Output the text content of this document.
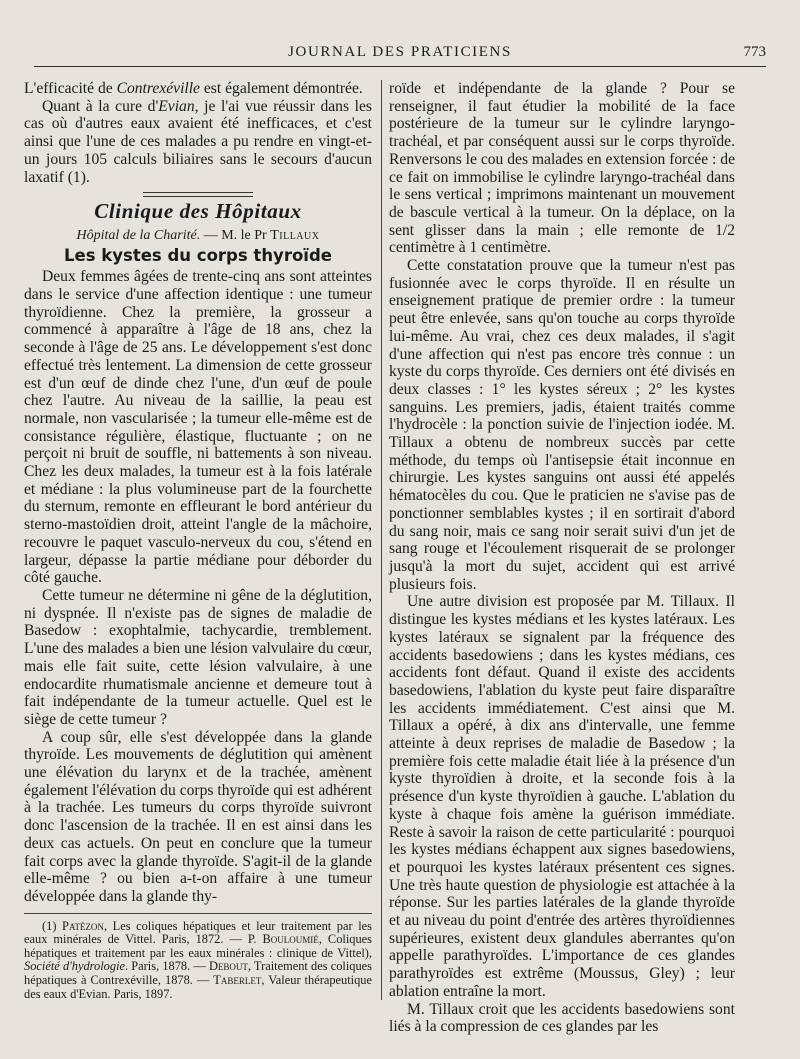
JOURNAL DES PRATICIENS	773

L'efficacité de Contrexéville est également démontrée.

Quant à la cure d'Evian, je l'ai vue réussir dans les cas où d'autres eaux avaient été inefficaces, et c'est ainsi que l'une de ces malades a pu rendre en vingt-et-un jours 105 calculs biliaires sans le secours d'aucun laxatif (1).

Clinique des Hôpitaux
Hôpital de la Charité. — M. le Pr Tillaux
Les kystes du corps thyroïde

Deux femmes âgées de trente-cinq ans sont atteintes dans le service d'une affection identique : une tumeur thyroïdienne. Chez la première, la grosseur a commencé à apparaître à l'âge de 18 ans, chez la seconde à l'âge de 25 ans. Le développement s'est donc effectué très lentement. La dimension de cette grosseur est d'un œuf de dinde chez l'une, d'un œuf de poule chez l'autre. Au niveau de la saillie, la peau est normale, non vascularisée ; la tumeur elle-même est de consistance régulière, élastique, fluctuante ; on ne perçoit ni bruit de souffle, ni battements à son niveau. Chez les deux malades, la tumeur est à la fois latérale et médiane : la plus volumineuse part de la fourchette du sternum, remonte en effleurant le bord antérieur du sterno-mastoïdien droit, atteint l'angle de la mâchoire, recouvre le paquet vasculo-nerveux du cou, s'étend en largeur, dépasse la partie médiane pour déborder du côté gauche.

Cette tumeur ne détermine ni gêne de la déglutition, ni dyspnée. Il n'existe pas de signes de maladie de Basedow : exophtalmie, tachycardie, tremblement. L'une des malades a bien une lésion valvulaire du cœur, mais elle fait suite, cette lésion valvulaire, à une endocardite rhumatismale ancienne et demeure tout à fait indépendante de la tumeur actuelle. Quel est le siège de cette tumeur ?

A coup sûr, elle s'est développée dans la glande thyroïde. Les mouvements de déglutition qui amènent une élévation du larynx et de la trachée, amènent également l'élévation du corps thyroïde qui est adhérent à la trachée. Les tumeurs du corps thyroïde suivront donc l'ascension de la trachée. Il en est ainsi dans les deux cas actuels. On peut en conclure que la tumeur fait corps avec la glande thyroïde. S'agit-il de la glande elle-même ? ou bien a-t-on affaire à une tumeur développée dans la glande thy-

(1) Patézon, Les coliques hépatiques et leur traitement par les eaux minérales de Vittel. Paris, 1872. — P. Bouloumié, Coliques hépatiques et traitement par les eaux minérales : clinique de Vittel), Société d'hydrologie. Paris, 1878. — Debout, Traitement des coliques hépatiques à Contrexéville, 1878. — Taberlet, Valeur thérapeutique des eaux d'Evian. Paris, 1897.

roïde et indépendante de la glande ? Pour se renseigner, il faut étudier la mobilité de la face postérieure de la tumeur sur le cylindre laryngo-trachéal, et par conséquent aussi sur le corps thyroïde. Renversons le cou des malades en extension forcée : de ce fait on immobilise le cylindre laryngo-trachéal dans le sens vertical ; imprimons maintenant un mouvement de bascule vertical à la tumeur. On la déplace, on la sent glisser dans la main ; elle remonte de 1/2 centimètre à 1 centimètre.

Cette constatation prouve que la tumeur n'est pas fusionnée avec le corps thyroïde. Il en résulte un enseignement pratique de premier ordre : la tumeur peut être enlevée, sans qu'on touche au corps thyroïde lui-même. Au vrai, chez ces deux malades, il s'agit d'une affection qui n'est pas encore très connue : un kyste du corps thyroïde. Ces derniers ont été divisés en deux classes : 1° les kystes séreux ; 2° les kystes sanguins. Les premiers, jadis, étaient traités comme l'hydrocèle : la ponction suivie de l'injection iodée. M. Tillaux a obtenu de nombreux succès par cette méthode, du temps où l'antisepsie était inconnue en chirurgie. Les kystes sanguins ont aussi été appelés hématocèles du cou. Que le praticien ne s'avise pas de ponctionner semblables kystes ; il en sortirait d'abord du sang noir, mais ce sang noir serait suivi d'un jet de sang rouge et l'écoulement risquerait de se prolonger jusqu'à la mort du sujet, accident qui est arrivé plusieurs fois.

Une autre division est proposée par M. Tillaux. Il distingue les kystes médians et les kystes latéraux. Les kystes latéraux se signalent par la fréquence des accidents basedowiens ; dans les kystes médians, ces accidents font défaut. Quand il existe des accidents basedowiens, l'ablation du kyste peut faire disparaître les accidents immédiatement. C'est ainsi que M. Tillaux a opéré, à dix ans d'intervalle, une femme atteinte à deux reprises de maladie de Basedow ; la première fois cette maladie était liée à la présence d'un kyste thyroïdien à droite, et la seconde fois à la présence d'un kyste thyroïdien à gauche. L'ablation du kyste à chaque fois amène la guérison immédiate. Reste à savoir la raison de cette particularité : pourquoi les kystes médians échappent aux signes basedowiens, et pourquoi les kystes latéraux présentent ces signes. Une très haute question de physiologie est attachée à la réponse. Sur les parties latérales de la glande thyroïde et au niveau du point d'entrée des artères thyroïdiennes supérieures, existent deux glandules aberrantes qu'on appelle parathyroïdes. L'importance de ces glandes parathyroïdes est extrême (Moussus, Gley) ; leur ablation entraîne la mort.

M. Tillaux croit que les accidents basedowiens sont liés à la compression de ces glandes par les
